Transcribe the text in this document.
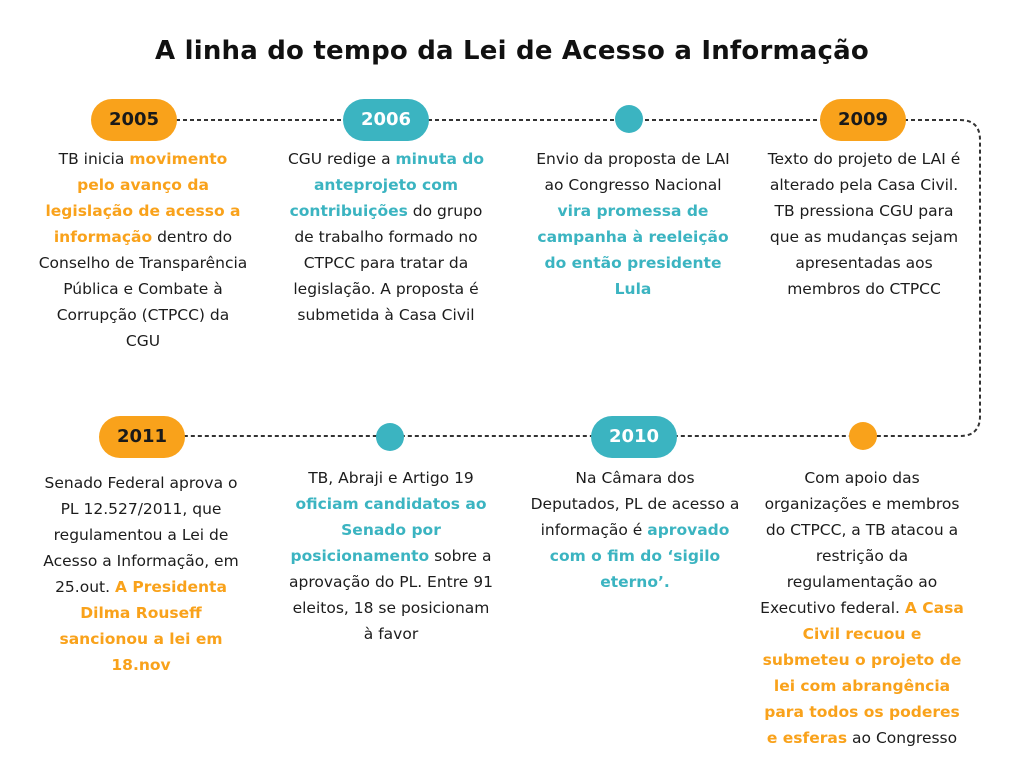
A linha do tempo da Lei de Acesso a Informação
2005	2006	2009
2011	2010
TB inicia movimento pelo avanço da legislação de acesso a informação dentro do Conselho de Transparência Pública e Combate à Corrupção (CTPCC) da CGU
CGU redige a minuta do anteprojeto com contribuições do grupo de trabalho formado no CTPCC para tratar da legislação. A proposta é submetida à Casa Civil
Envio da proposta de LAI ao Congresso Nacional vira promessa de campanha à reeleição do então presidente Lula
Texto do projeto de LAI é alterado pela Casa Civil. TB pressiona CGU para que as mudanças sejam apresentadas aos membros do CTPCC
Senado Federal aprova o PL 12.527/2011, que regulamentou a Lei de Acesso a Informação, em 25.out. A Presidenta Dilma Rouseff sancionou a lei em 18.nov
TB, Abraji e Artigo 19 oficiam candidatos ao Senado por posicionamento sobre a aprovação do PL. Entre 91 eleitos, 18 se posicionam à favor
Na Câmara dos Deputados, PL de acesso a informação é aprovado com o fim do ‘sigilo eterno’.
Com apoio das organizações e membros do CTPCC, a TB atacou a restrição da regulamentação ao Executivo federal. A Casa Civil recuou e submeteu o projeto de lei com abrangência para todos os poderes e esferas ao Congresso
